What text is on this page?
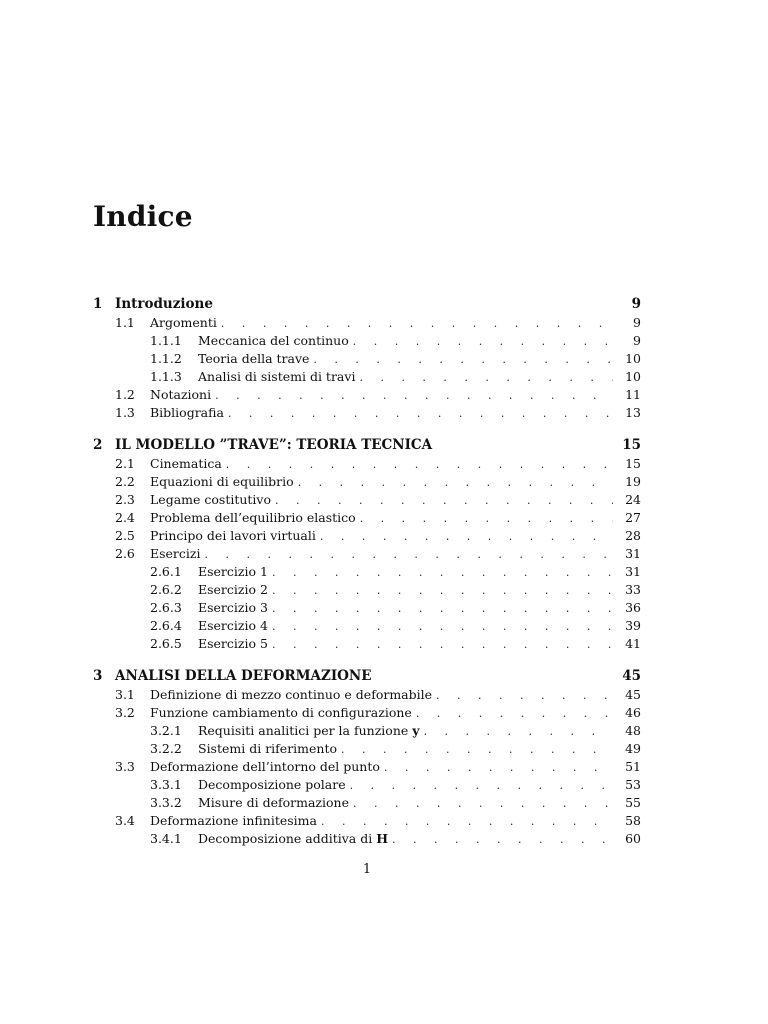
Indice
1 Introduzione	9
1.1	Argomenti . . .	9
1.1.1	Meccanica del continuo . . .	9
1.1.2	Teoria della trave . . .	10
1.1.3	Analisi di sistemi di travi . . .	10
1.2	Notazioni . . .	11
1.3	Bibliografia . . .	13
2 IL MODELLO ”TRAVE”: TEORIA TECNICA	15
2.1	Cinematica . . .	15
2.2	Equazioni di equilibrio . . .	19
2.3	Legame costitutivo . . .	24
2.4	Problema dell’equilibrio elastico . . .	27
2.5	Principo dei lavori virtuali . . .	28
2.6	Esercizi . . .	31
2.6.1	Esercizio 1 . . .	31
2.6.2	Esercizio 2 . . .	33
2.6.3	Esercizio 3 . . .	36
2.6.4	Esercizio 4 . . .	39
2.6.5	Esercizio 5 . . .	41
3 ANALISI DELLA DEFORMAZIONE	45
3.1	Definizione di mezzo continuo e deformabile . . .	45
3.2	Funzione cambiamento di configurazione . . .	46
3.2.1	Requisiti analitici per la funzione y . . .	48
3.2.2	Sistemi di riferimento . . .	49
3.3	Deformazione dell’intorno del punto . . .	51
3.3.1	Decomposizione polare . . .	53
3.3.2	Misure di deformazione . . .	55
3.4	Deformazione infinitesima . . .	58
3.4.1	Decomposizione additiva di H . . .	60
1
